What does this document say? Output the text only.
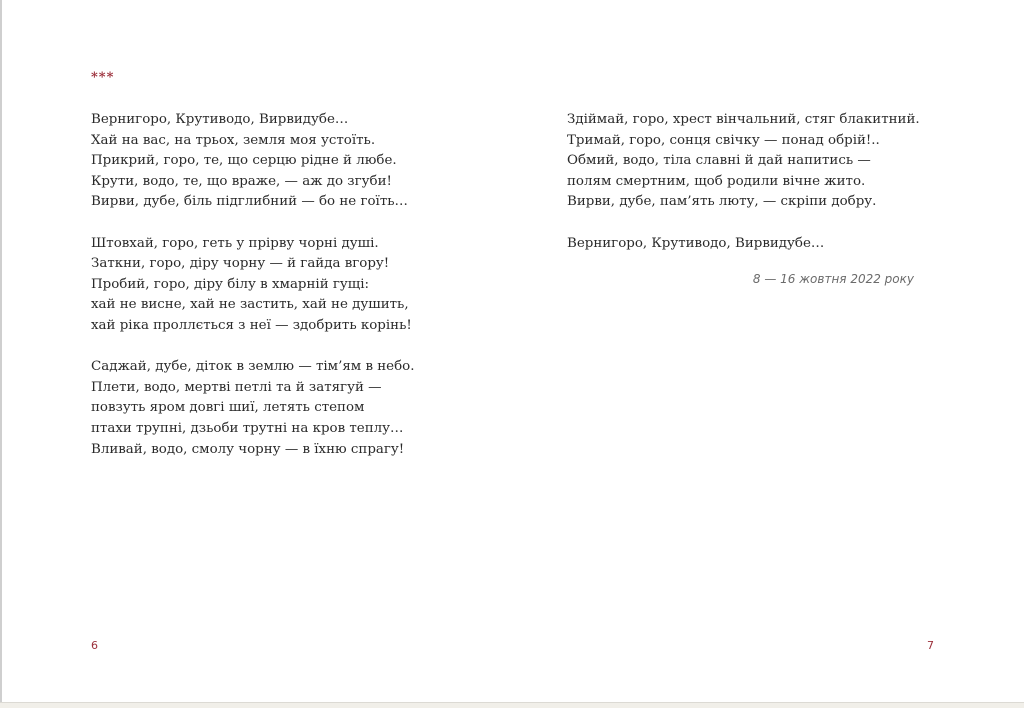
***
Вернигоро, Крутиводо, Вирвидубе…
Хай на вас, на трьох, земля моя устоїть.
Прикрий, горо, те, що серцю рідне й любе.
Крути, водо, те, що враже, — аж до згуби!
Вирви, дубе, біль підглибний — бо не гоїть…
Штовхай, горо, геть у прірву чорні душі.
Заткни, горо, діру чорну — й гайда вгору!
Пробий, горо, діру білу в хмарній гущі:
хай не висне, хай не застить, хай не душить,
хай ріка проллється з неї — здобрить корінь!
Саджай, дубе, діток в землю — тім’ям в небо.
Плети, водо, мертві петлі та й затягуй —
повзуть яром довгі шиї, летять степом
птахи трупні, дзьоби трутні на кров теплу…
Вливай, водо, смолу чорну — в їхню спрагу!
6
Здіймай, горо, хрест вінчальний, стяг блакитний.
Тримай, горо, сонця свічку — понад обрій!..
Обмий, водо, тіла славні й дай напитись —
полям смертним, щоб родили вічне жито.
Вирви, дубе, пам’ять люту, — скріпи добру.
Вернигоро, Крутиводо, Вирвидубе…
8 — 16 жовтня 2022 року
7
